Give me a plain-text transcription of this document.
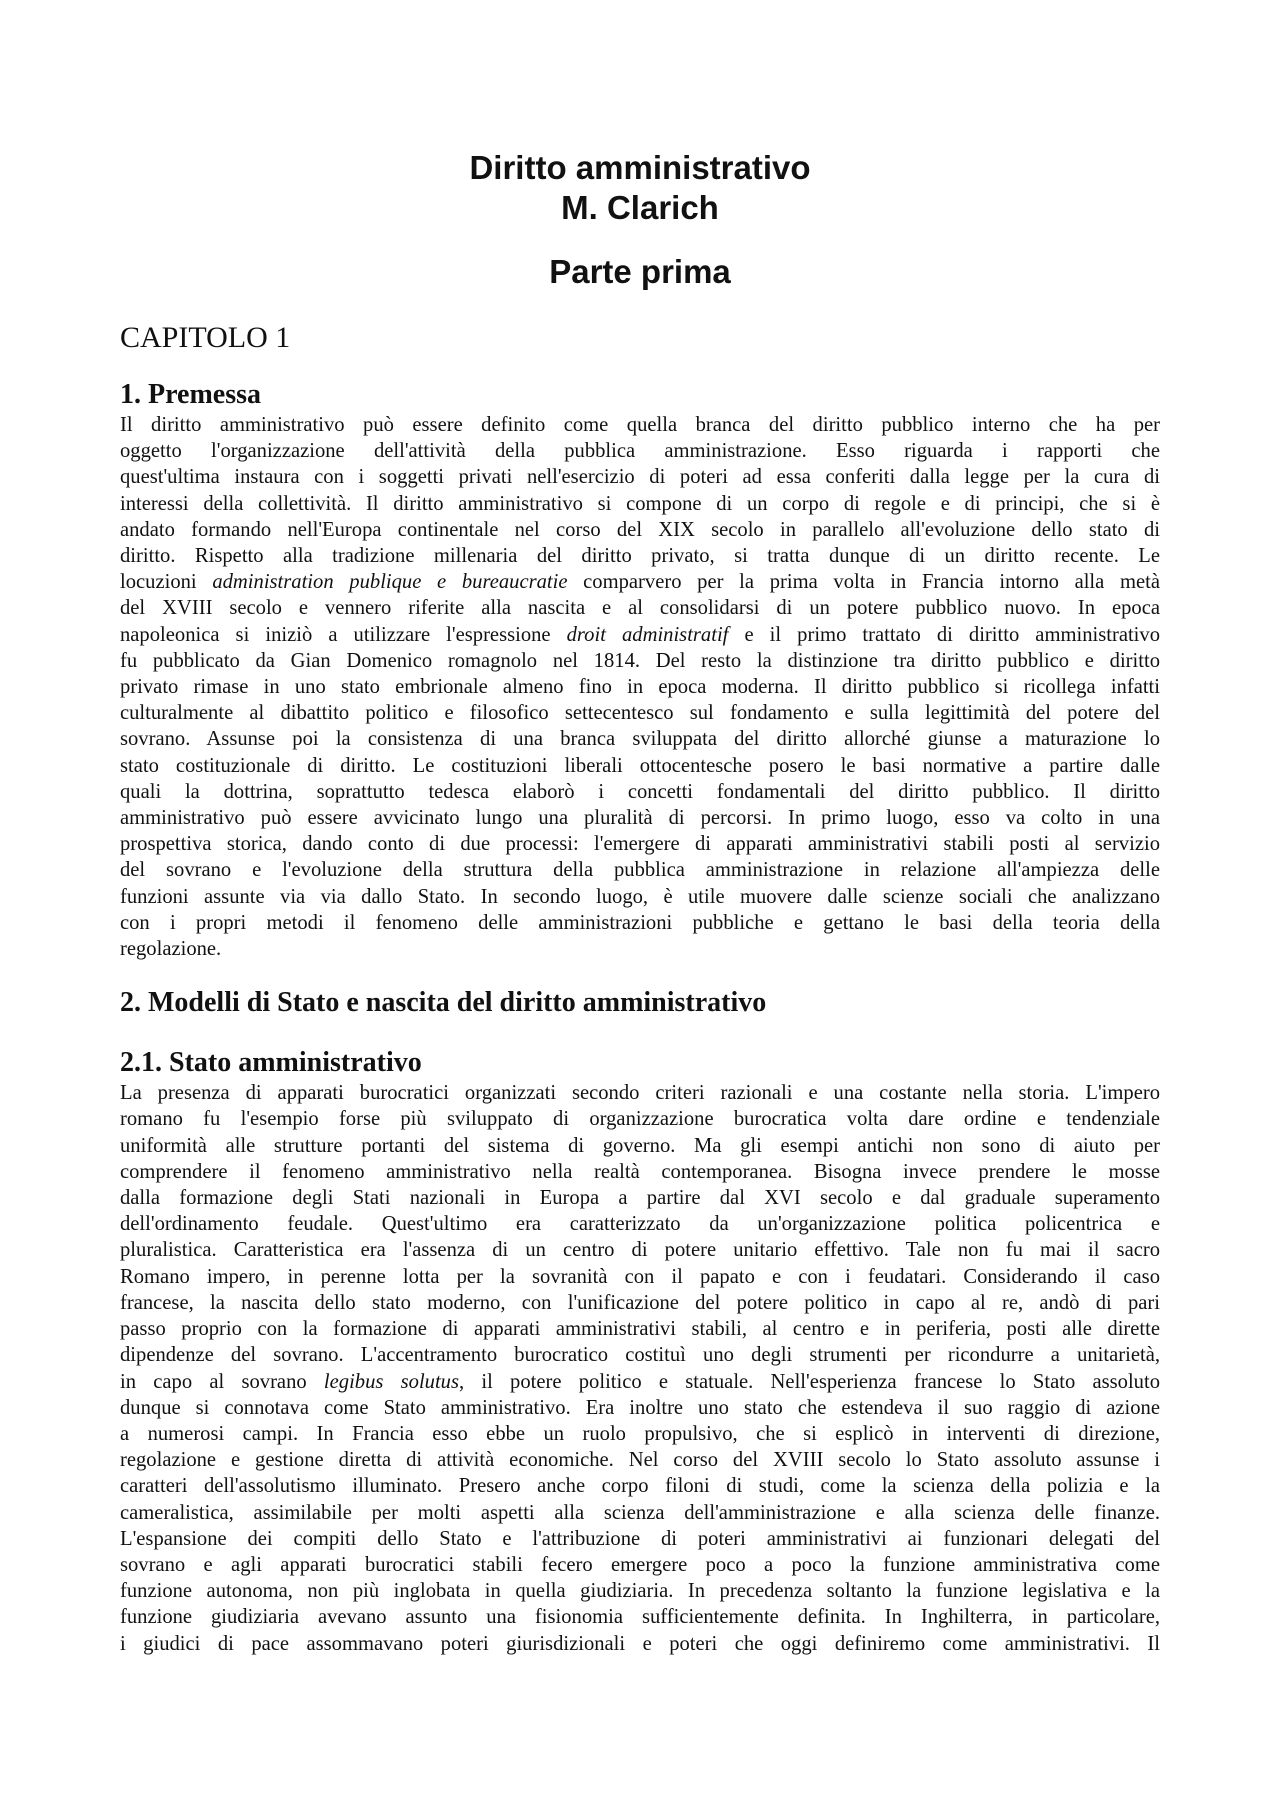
Diritto amministrativo
M. Clarich
Parte prima
CAPITOLO 1
1. Premessa

Il diritto amministrativo può essere definito come quella branca del diritto pubblico interno che ha per
oggetto l'organizzazione dell'attività della pubblica amministrazione. Esso riguarda i rapporti che
quest'ultima instaura con i soggetti privati nell'esercizio di poteri ad essa conferiti dalla legge per la cura di
interessi della collettività. Il diritto amministrativo si compone di un corpo di regole e di principi, che si è
andato formando nell'Europa continentale nel corso del XIX secolo in parallelo all'evoluzione dello stato di
diritto. Rispetto alla tradizione millenaria del diritto privato, si tratta dunque di un diritto recente. Le
locuzioni administration publique e bureaucratie comparvero per la prima volta in Francia intorno alla metà
del XVIII secolo e vennero riferite alla nascita e al consolidarsi di un potere pubblico nuovo. In epoca
napoleonica si iniziò a utilizzare l'espressione droit administratif e il primo trattato di diritto amministrativo
fu pubblicato da Gian Domenico romagnolo nel 1814. Del resto la distinzione tra diritto pubblico e diritto
privato rimase in uno stato embrionale almeno fino in epoca moderna. Il diritto pubblico si ricollega infatti
culturalmente al dibattito politico e filosofico settecentesco sul fondamento e sulla legittimità del potere del
sovrano. Assunse poi la consistenza di una branca sviluppata del diritto allorché giunse a maturazione lo
stato costituzionale di diritto. Le costituzioni liberali ottocentesche posero le basi normative a partire dalle
quali la dottrina, soprattutto tedesca elaborò i concetti fondamentali del diritto pubblico. Il diritto
amministrativo può essere avvicinato lungo una pluralità di percorsi. In primo luogo, esso va colto in una
prospettiva storica, dando conto di due processi: l'emergere di apparati amministrativi stabili posti al servizio
del sovrano e l'evoluzione della struttura della pubblica amministrazione in relazione all'ampiezza delle
funzioni assunte via via dallo Stato. In secondo luogo, è utile muovere dalle scienze sociali che analizzano
con i propri metodi il fenomeno delle amministrazioni pubbliche e gettano le basi della teoria della
regolazione.

2. Modelli di Stato e nascita del diritto amministrativo
2.1. Stato amministrativo

La presenza di apparati burocratici organizzati secondo criteri razionali e una costante nella storia. L'impero
romano fu l'esempio forse più sviluppato di organizzazione burocratica volta dare ordine e tendenziale
uniformità alle strutture portanti del sistema di governo. Ma gli esempi antichi non sono di aiuto per
comprendere il fenomeno amministrativo nella realtà contemporanea. Bisogna invece prendere le mosse
dalla formazione degli Stati nazionali in Europa a partire dal XVI secolo e dal graduale superamento
dell'ordinamento feudale. Quest'ultimo era caratterizzato da un'organizzazione politica policentrica e
pluralistica. Caratteristica era l'assenza di un centro di potere unitario effettivo. Tale non fu mai il sacro
Romano impero, in perenne lotta per la sovranità con il papato e con i feudatari. Considerando il caso
francese, la nascita dello stato moderno, con l'unificazione del potere politico in capo al re, andò di pari
passo proprio con la formazione di apparati amministrativi stabili, al centro e in periferia, posti alle dirette
dipendenze del sovrano. L'accentramento burocratico costituì uno degli strumenti per ricondurre a unitarietà,
in capo al sovrano legibus solutus, il potere politico e statuale. Nell'esperienza francese lo Stato assoluto
dunque si connotava come Stato amministrativo. Era inoltre uno stato che estendeva il suo raggio di azione
a numerosi campi. In Francia esso ebbe un ruolo propulsivo, che si esplicò in interventi di direzione,
regolazione e gestione diretta di attività economiche. Nel corso del XVIII secolo lo Stato assoluto assunse i
caratteri dell'assolutismo illuminato. Presero anche corpo filoni di studi, come la scienza della polizia e la
cameralistica, assimilabile per molti aspetti alla scienza dell'amministrazione e alla scienza delle finanze.
L'espansione dei compiti dello Stato e l'attribuzione di poteri amministrativi ai funzionari delegati del
sovrano e agli apparati burocratici stabili fecero emergere poco a poco la funzione amministrativa come
funzione autonoma, non più inglobata in quella giudiziaria. In precedenza soltanto la funzione legislativa e la
funzione giudiziaria avevano assunto una fisionomia sufficientemente definita. In Inghilterra, in particolare,
i giudici di pace assommavano poteri giurisdizionali e poteri che oggi definiremo come amministrativi. Il
